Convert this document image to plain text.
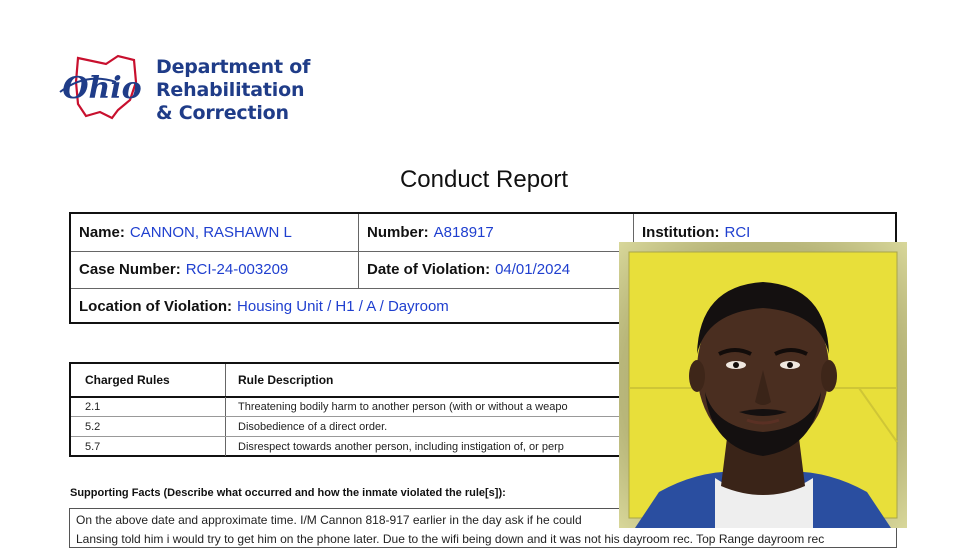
Ohio
Department of
Rehabilitation
& Correction
Conduct Report
Name: CANNON, RASHAWN L	Number: A818917	Institution: RCI
Case Number: RCI-24-003209	Date of Violation: 04/01/2024
Location of Violation: Housing Unit / H1 / A / Dayroom
Charged Rules	Rule Description
2.1	Threatening bodily harm to another person (with or without a weapo
5.2	Disobedience of a direct order.
5.7	Disrespect towards another person, including instigation of, or perp
Supporting Facts (Describe what occurred and how the inmate violated the rule[s]):
On the above date and approximate time. I/M Cannon 818-917 earlier in the day ask if he could
Lansing told him i would try to get him on the phone later. Due to the wifi being down and it was not his dayroom rec. Top Range dayroom rec
